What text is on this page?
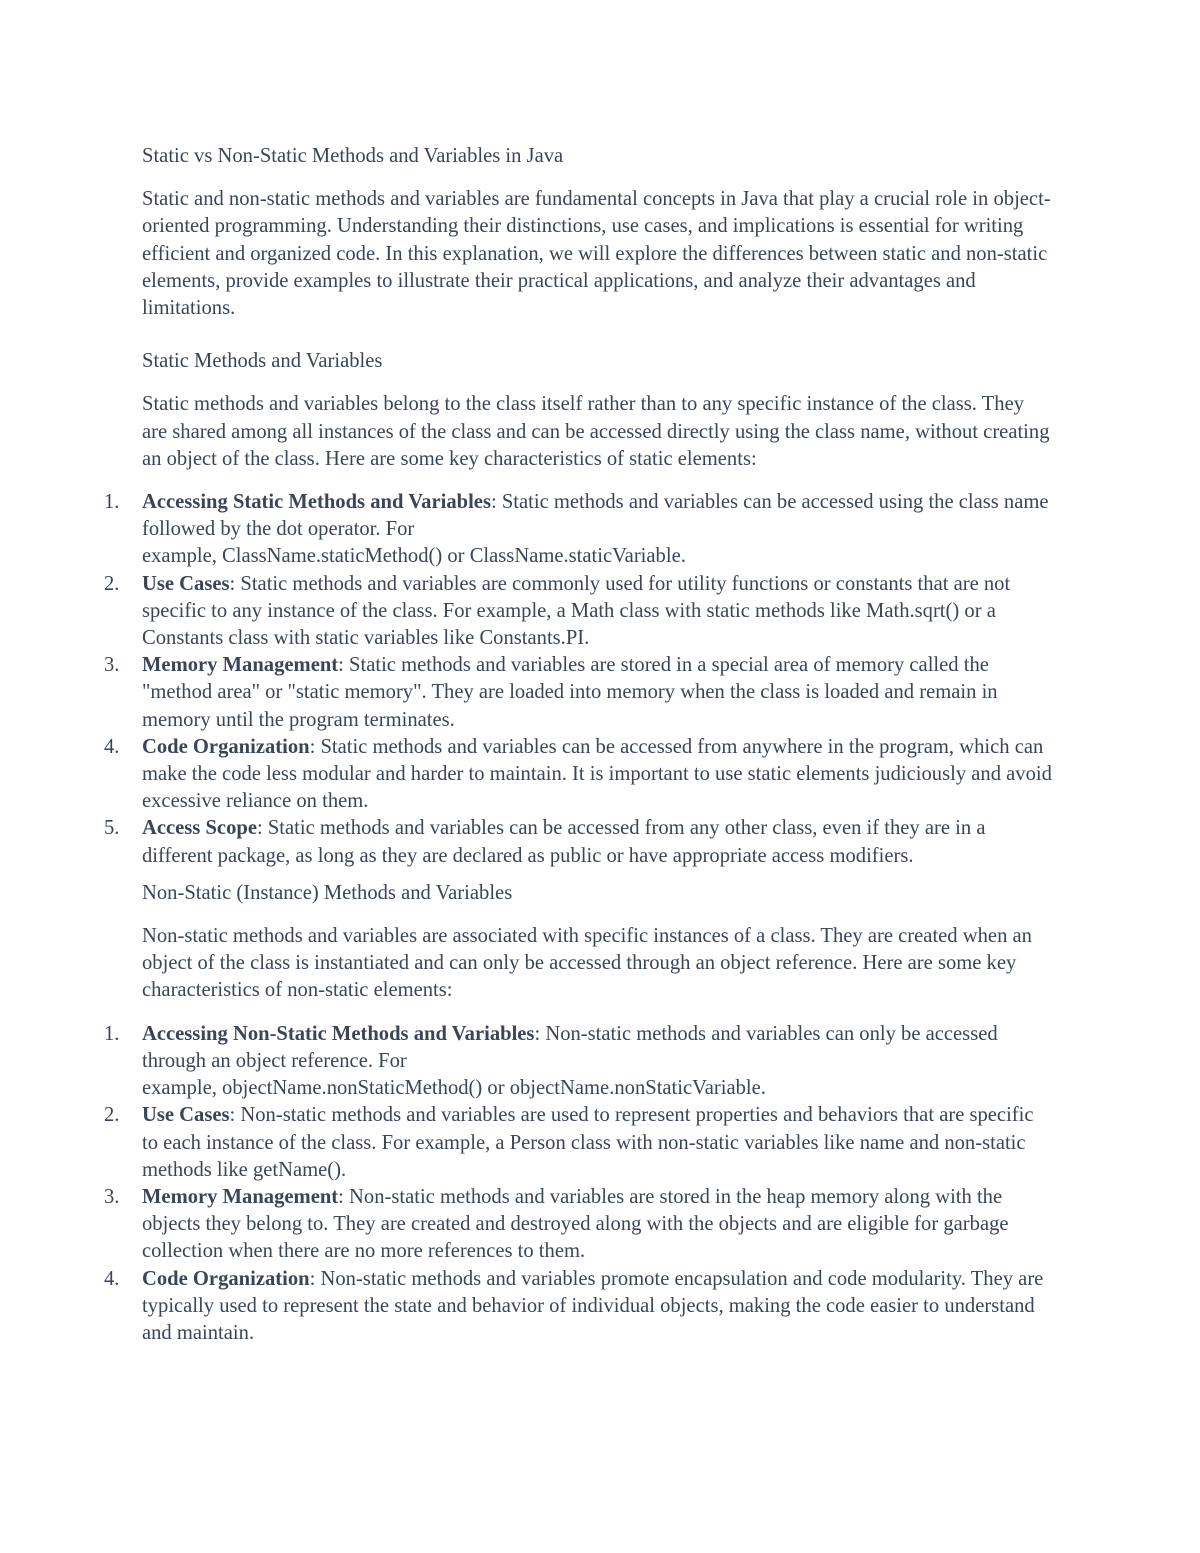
Static vs Non-Static Methods and Variables in Java

Static and non-static methods and variables are fundamental concepts in Java that play a crucial role in object-oriented programming. Understanding their distinctions, use cases, and implications is essential for writing efficient and organized code. In this explanation, we will explore the differences between static and non-static elements, provide examples to illustrate their practical applications, and analyze their advantages and limitations.

Static Methods and Variables

Static methods and variables belong to the class itself rather than to any specific instance of the class. They are shared among all instances of the class and can be accessed directly using the class name, without creating an object of the class. Here are some key characteristics of static elements:

1.	Accessing Static Methods and Variables: Static methods and variables can be accessed using the class name followed by the dot operator. For
example, ClassName.staticMethod() or ClassName.staticVariable.
2.	Use Cases: Static methods and variables are commonly used for utility functions or constants that are not specific to any instance of the class. For example, a Math class with static methods like Math.sqrt() or a Constants class with static variables like Constants.PI.
3.	Memory Management: Static methods and variables are stored in a special area of memory called the "method area" or "static memory". They are loaded into memory when the class is loaded and remain in memory until the program terminates.
4.	Code Organization: Static methods and variables can be accessed from anywhere in the program, which can make the code less modular and harder to maintain. It is important to use static elements judiciously and avoid excessive reliance on them.
5.	Access Scope: Static methods and variables can be accessed from any other class, even if they are in a different package, as long as they are declared as public or have appropriate access modifiers.

Non-Static (Instance) Methods and Variables

Non-static methods and variables are associated with specific instances of a class. They are created when an object of the class is instantiated and can only be accessed through an object reference. Here are some key characteristics of non-static elements:

1.	Accessing Non-Static Methods and Variables: Non-static methods and variables can only be accessed through an object reference. For
example, objectName.nonStaticMethod() or objectName.nonStaticVariable.
2.	Use Cases: Non-static methods and variables are used to represent properties and behaviors that are specific to each instance of the class. For example, a Person class with non-static variables like name and non-static methods like getName().
3.	Memory Management: Non-static methods and variables are stored in the heap memory along with the objects they belong to. They are created and destroyed along with the objects and are eligible for garbage collection when there are no more references to them.
4.	Code Organization: Non-static methods and variables promote encapsulation and code modularity. They are typically used to represent the state and behavior of individual objects, making the code easier to understand and maintain.
